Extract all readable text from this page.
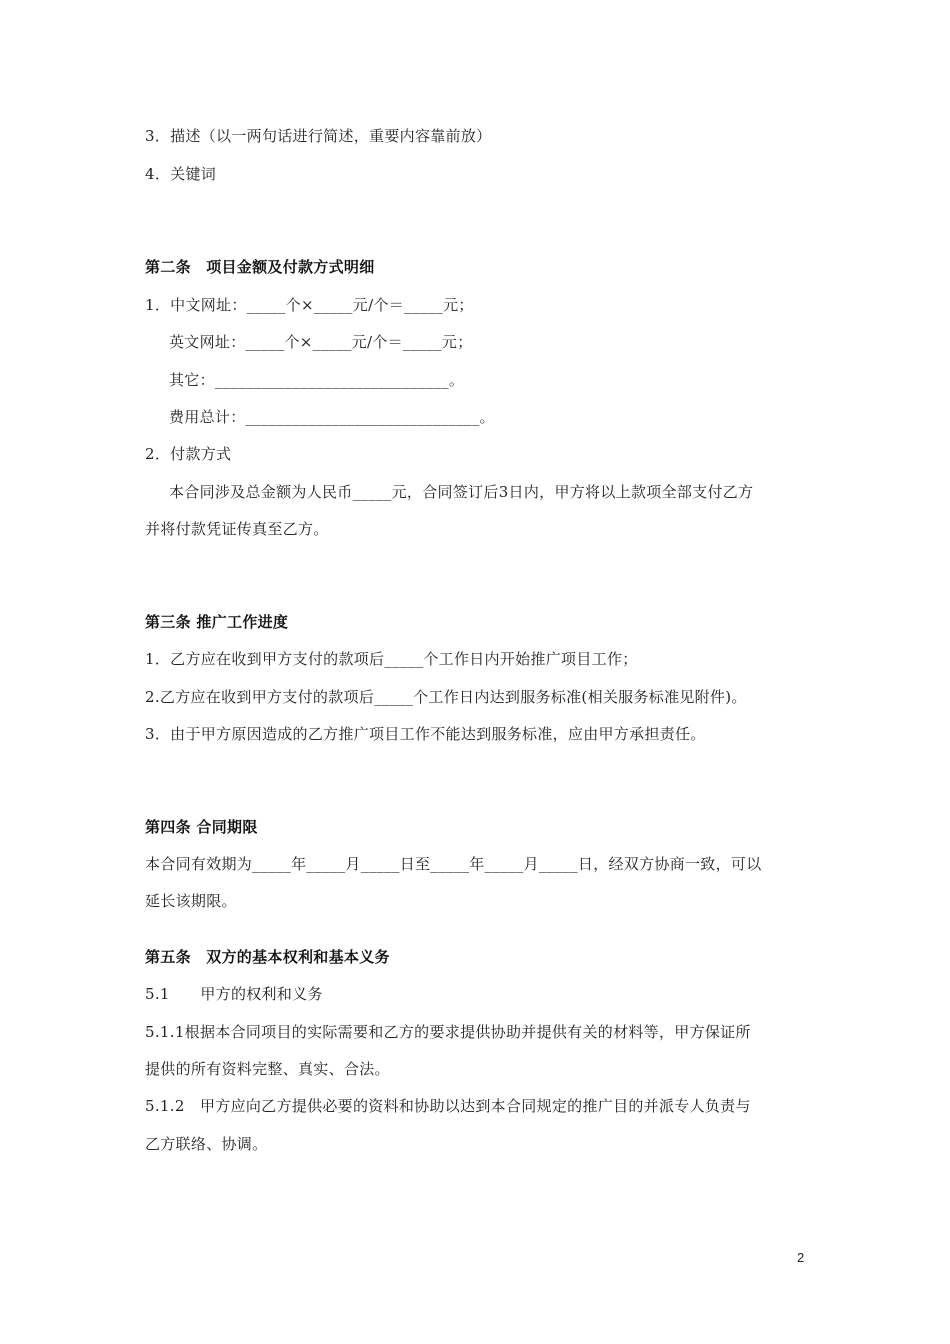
3．描述（以一两句话进行简述，重要内容靠前放）
4．关键词
第二条　项目金额及付款方式明细
1．中文网址：_____个×_____元/个＝_____元；
英文网址：_____个×_____元/个＝_____元；
其它：______________________________。
费用总计：______________________________。
2．付款方式
本合同涉及总金额为人民币_____元，合同签订后3日内，甲方将以上款项全部支付乙方
并将付款凭证传真至乙方。
第三条 推广工作进度
1．乙方应在收到甲方支付的款项后_____个工作日内开始推广项目工作；
2.乙方应在收到甲方支付的款项后_____个工作日内达到服务标准(相关服务标准见附件)。
3．由于甲方原因造成的乙方推广项目工作不能达到服务标准，应由甲方承担责任。
第四条 合同期限
本合同有效期为_____年_____月_____日至_____年_____月_____日，经双方协商一致，可以
延长该期限。
第五条　双方的基本权利和基本义务
5.1　　甲方的权利和义务
5.1.1根据本合同项目的实际需要和乙方的要求提供协助并提供有关的材料等，甲方保证所
提供的所有资料完整、真实、合法。
5.1.2　甲方应向乙方提供必要的资料和协助以达到本合同规定的推广目的并派专人负责与
乙方联络、协调。
2
